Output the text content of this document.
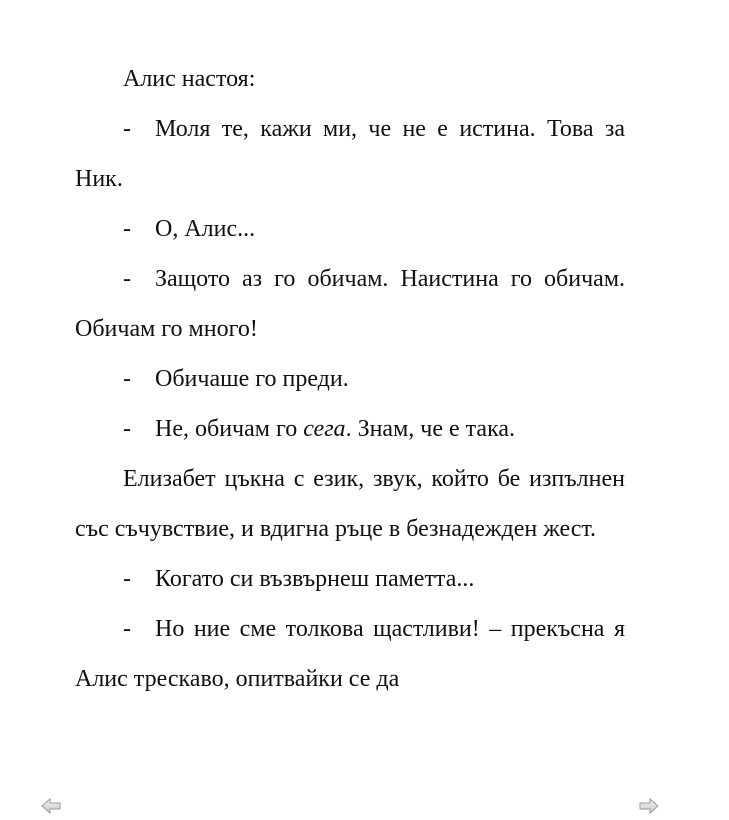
Алис настоя:

- Моля те, кажи ми, че не е истина. Това за Ник.

- О, Алис...

- Защото аз го обичам. Наистина го обичам. Обичам го много!

- Обичаше го преди.

- Не, обичам го сега. Знам, че е така.

Елизабет цъкна с език, звук, който бе изпълнен със съчувствие, и вдигна ръце в безнадежден жест.

- Когато си възвърнеш паметта...

- Но ние сме толкова щастливи! – прекъсна я Алис трескаво, опитвайки се да
